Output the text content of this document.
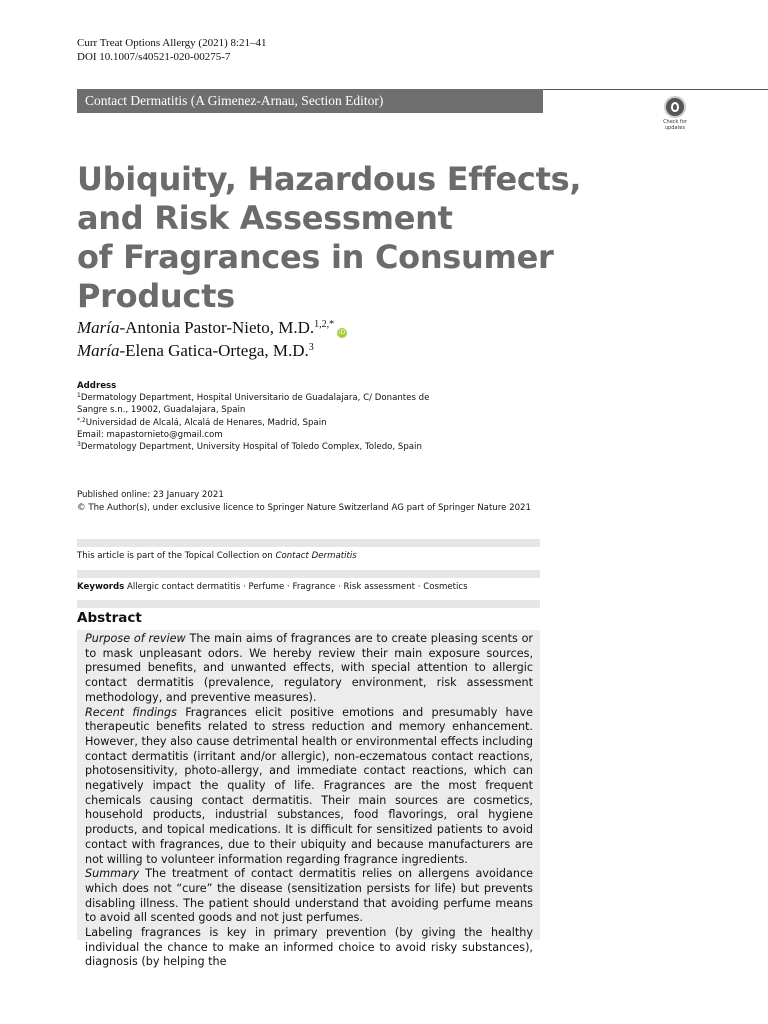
Curr Treat Options Allergy (2021) 8:21–41
DOI 10.1007/s40521-020-00275-7
Contact Dermatitis (A Gimenez-Arnau, Section Editor)
Check for
updates
Ubiquity, Hazardous Effects,
and Risk Assessment
of Fragrances in Consumer
Products
María-Antonia Pastor-Nieto, M.D.$^{1,2,*}$iD
María-Elena Gatica-Ortega, M.D.$^3$
Address
$^1$Dermatology Department, Hospital Universitario de Guadalajara, C/ Donantes de
Sangre s.n., 19002, Guadalajara, Spain
$^{*,2}$Universidad de Alcalá, Alcalá de Henares, Madrid, Spain
Email: mapastornieto@gmail.com
$^3$Dermatology Department, University Hospital of Toledo Complex, Toledo, Spain
Published online: 23 January 2021
© The Author(s), under exclusive licence to Springer Nature Switzerland AG part of Springer Nature 2021
This article is part of the Topical Collection on Contact Dermatitis
Keywords Allergic contact dermatitis · Perfume · Fragrance · Risk assessment · Cosmetics
Abstract

Purpose of review The main aims of fragrances are to create pleasing scents or to mask unpleasant odors. We hereby review their main exposure sources, presumed benefits, and unwanted effects, with special attention to allergic contact dermatitis (prevalence, regulatory environment, risk assessment methodology, and preventive measures).

Recent findings Fragrances elicit positive emotions and presumably have therapeutic benefits related to stress reduction and memory enhancement. However, they also cause detrimental health or environmental effects including contact dermatitis (irritant and/or allergic), non-eczematous contact reactions, photosensitivity, photo-allergy, and immediate contact reactions, which can negatively impact the quality of life. Fragrances are the most frequent chemicals causing contact dermatitis. Their main sources are cosmetics, household products, industrial substances, food flavorings, oral hygiene products, and topical medications. It is difficult for sensitized patients to avoid contact with fragrances, due to their ubiquity and because manufacturers are not willing to volunteer information regarding fragrance ingredients.

Summary The treatment of contact dermatitis relies on allergens avoidance which does not “cure” the disease (sensitization persists for life) but prevents disabling illness. The patient should understand that avoiding perfume means to avoid all scented goods and not just perfumes.

Labeling fragrances is key in primary prevention (by giving the healthy individual the chance to make an informed choice to avoid risky substances), diagnosis (by helping the
